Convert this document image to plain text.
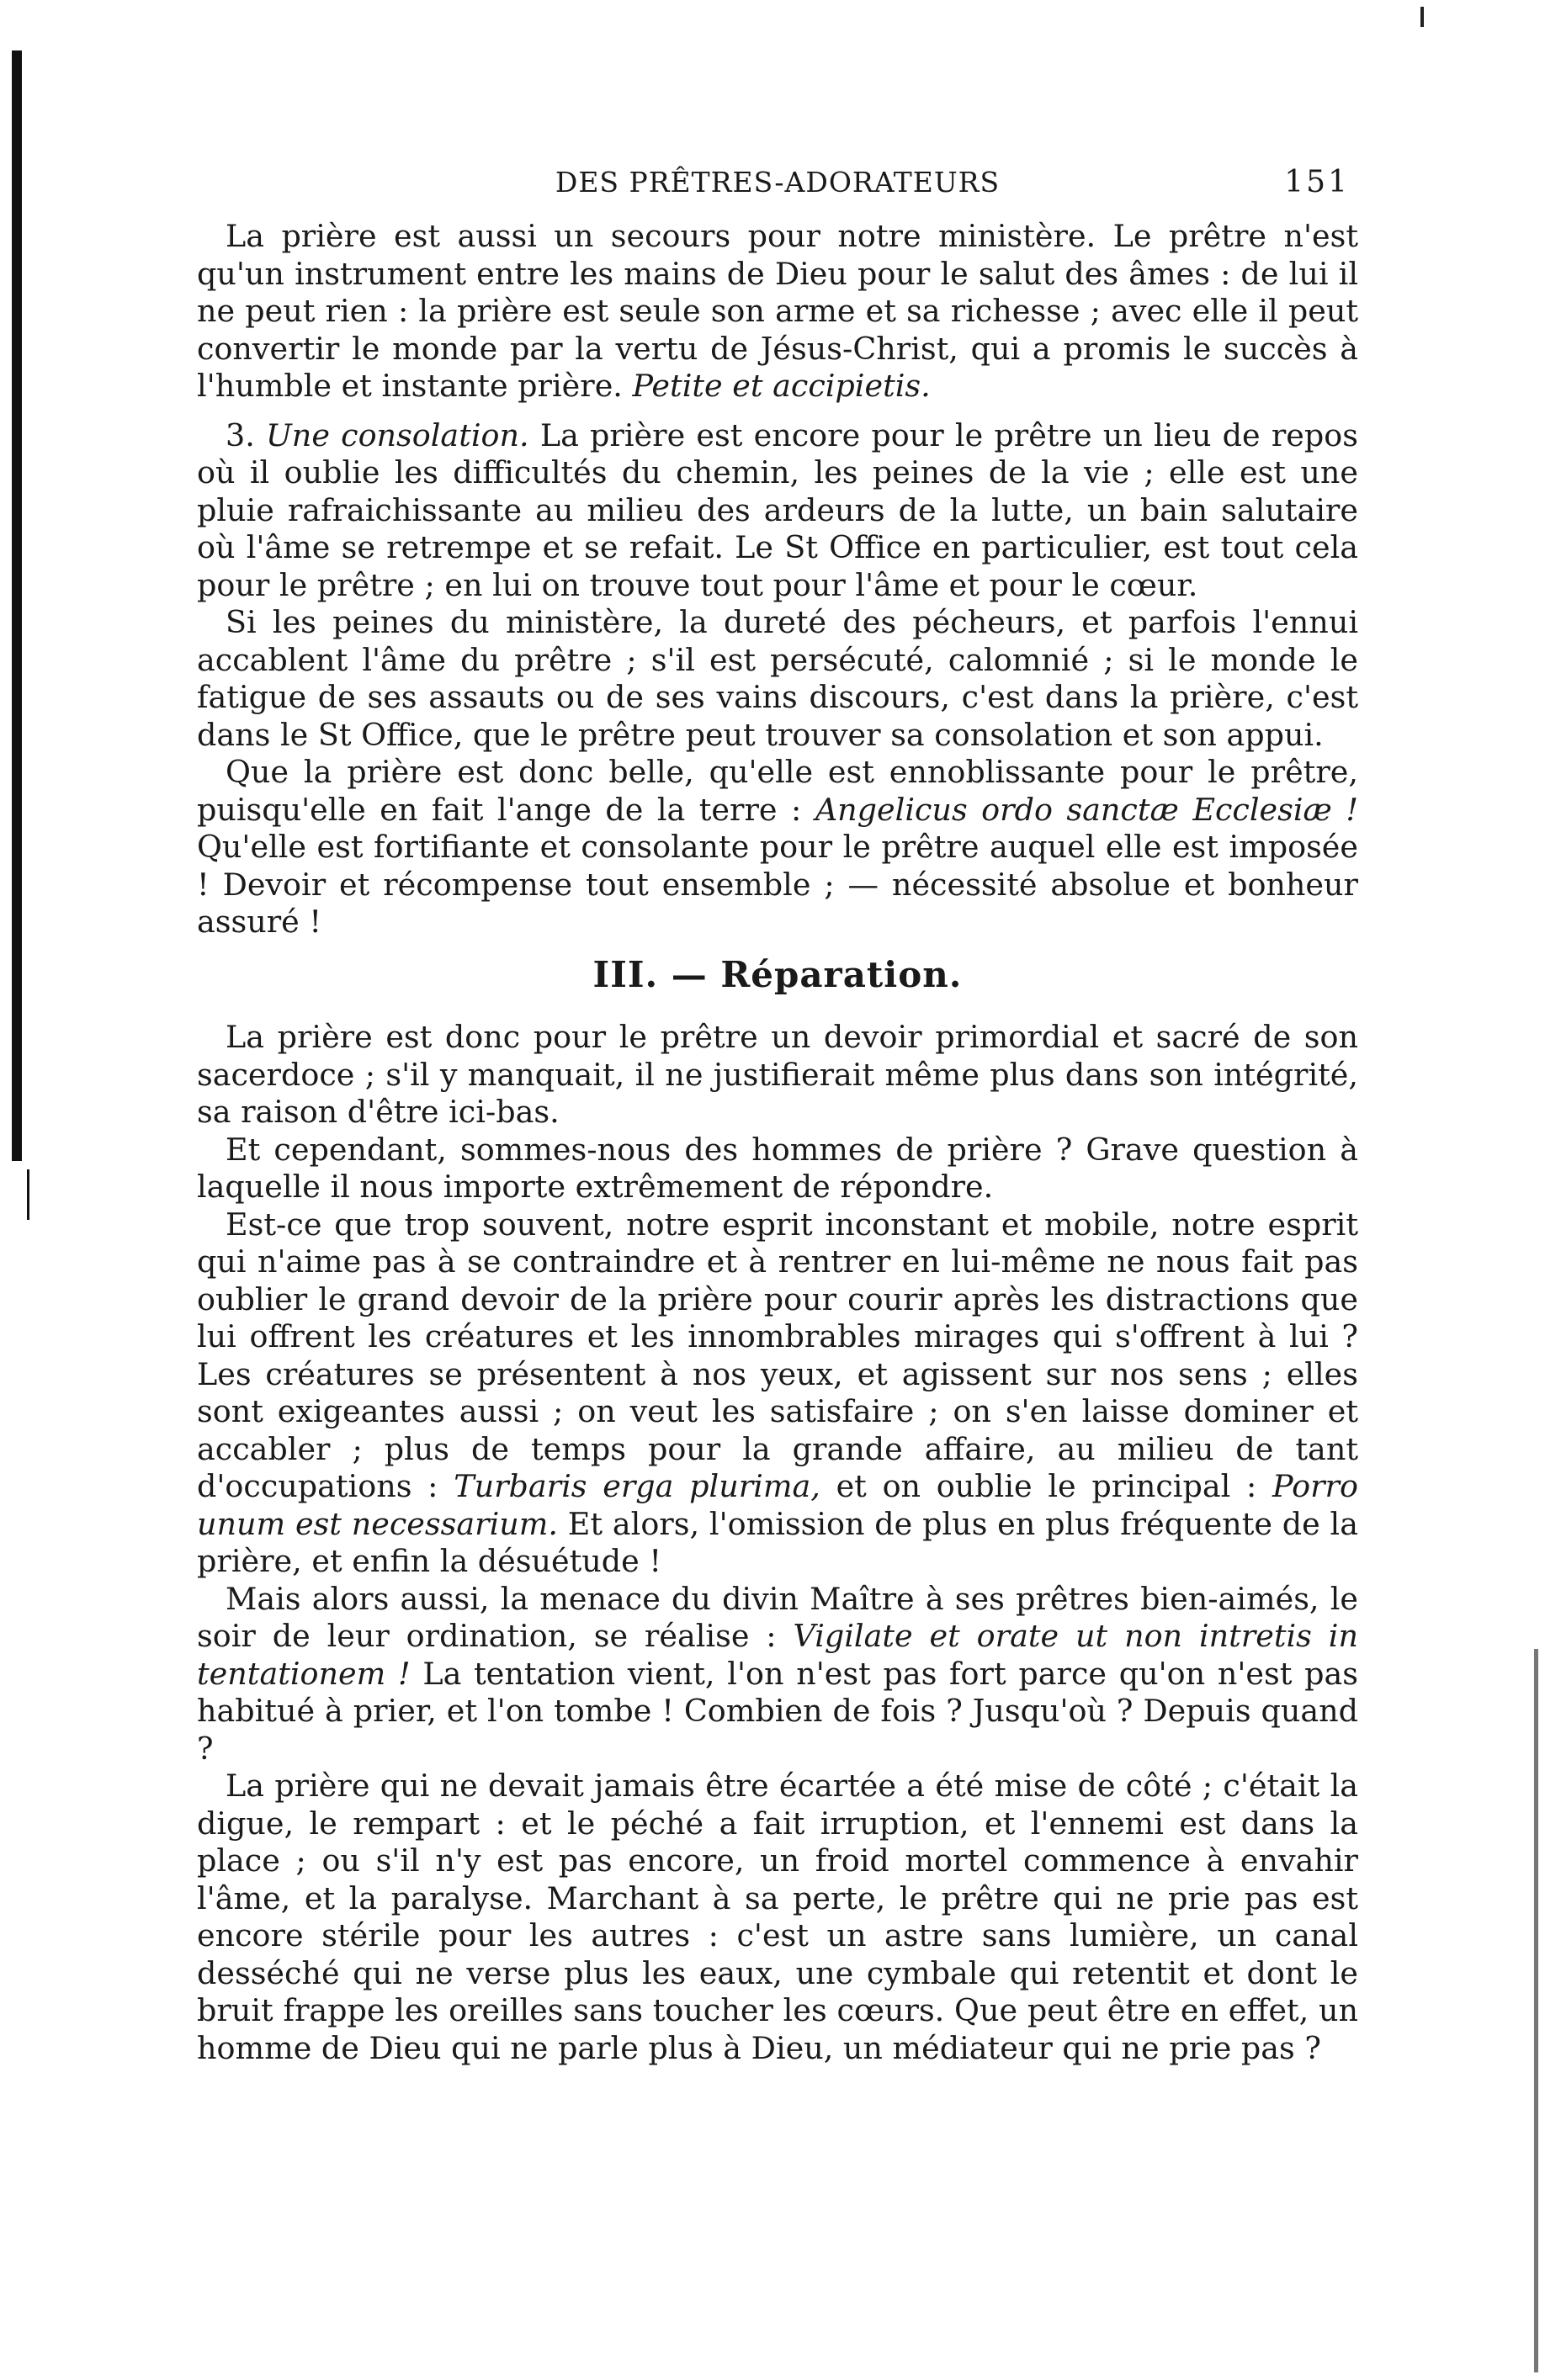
DES PRÊTRES-ADORATEURS	151

La prière est aussi un secours pour notre ministère. Le prêtre n'est qu'un instrument entre les mains de Dieu pour le salut des âmes : de lui il ne peut rien : la prière est seule son arme et sa richesse ; avec elle il peut convertir le monde par la vertu de Jésus-Christ, qui a promis le succès à l'humble et instante prière. Petite et accipietis.

3. Une consolation. La prière est encore pour le prêtre un lieu de repos où il oublie les difficultés du chemin, les peines de la vie ; elle est une pluie rafraichissante au milieu des ardeurs de la lutte, un bain salutaire où l'âme se retrempe et se refait. Le St Office en particulier, est tout cela pour le prêtre ; en lui on trouve tout pour l'âme et pour le cœur.

Si les peines du ministère, la dureté des pécheurs, et parfois l'ennui accablent l'âme du prêtre ; s'il est persécuté, calomnié ; si le monde le fatigue de ses assauts ou de ses vains discours, c'est dans la prière, c'est dans le St Office, que le prêtre peut trouver sa consolation et son appui.

Que la prière est donc belle, qu'elle est ennoblissante pour le prêtre, puisqu'elle en fait l'ange de la terre : Angelicus ordo sanctæ Ecclesiæ ! Qu'elle est fortifiante et consolante pour le prêtre auquel elle est imposée ! Devoir et récompense tout ensemble ; — nécessité absolue et bonheur assuré !

III. — Réparation.

La prière est donc pour le prêtre un devoir primordial et sacré de son sacerdoce ; s'il y manquait, il ne justifierait même plus dans son intégrité, sa raison d'être ici-bas.

Et cependant, sommes-nous des hommes de prière ? Grave question à laquelle il nous importe extrêmement de répondre.

Est-ce que trop souvent, notre esprit inconstant et mobile, notre esprit qui n'aime pas à se contraindre et à rentrer en lui-même ne nous fait pas oublier le grand devoir de la prière pour courir après les distractions que lui offrent les créatures et les innombrables mirages qui s'offrent à lui ? Les créatures se présentent à nos yeux, et agissent sur nos sens ; elles sont exigeantes aussi ; on veut les satisfaire ; on s'en laisse dominer et accabler ; plus de temps pour la grande affaire, au milieu de tant d'occupations : Turbaris erga plurima, et on oublie le principal : Porro unum est necessarium. Et alors, l'omission de plus en plus fréquente de la prière, et enfin la désuétude !

Mais alors aussi, la menace du divin Maître à ses prêtres bien-aimés, le soir de leur ordination, se réalise : Vigilate et orate ut non intretis in tentationem ! La tentation vient, l'on n'est pas fort parce qu'on n'est pas habitué à prier, et l'on tombe ! Combien de fois ? Jusqu'où ? Depuis quand ?

La prière qui ne devait jamais être écartée a été mise de côté ; c'était la digue, le rempart : et le péché a fait irruption, et l'ennemi est dans la place ; ou s'il n'y est pas encore, un froid mortel commence à envahir l'âme, et la paralyse. Marchant à sa perte, le prêtre qui ne prie pas est encore stérile pour les autres : c'est un astre sans lumière, un canal desséché qui ne verse plus les eaux, une cymbale qui retentit et dont le bruit frappe les oreilles sans toucher les cœurs. Que peut être en effet, un homme de Dieu qui ne parle plus à Dieu, un médiateur qui ne prie pas ?
